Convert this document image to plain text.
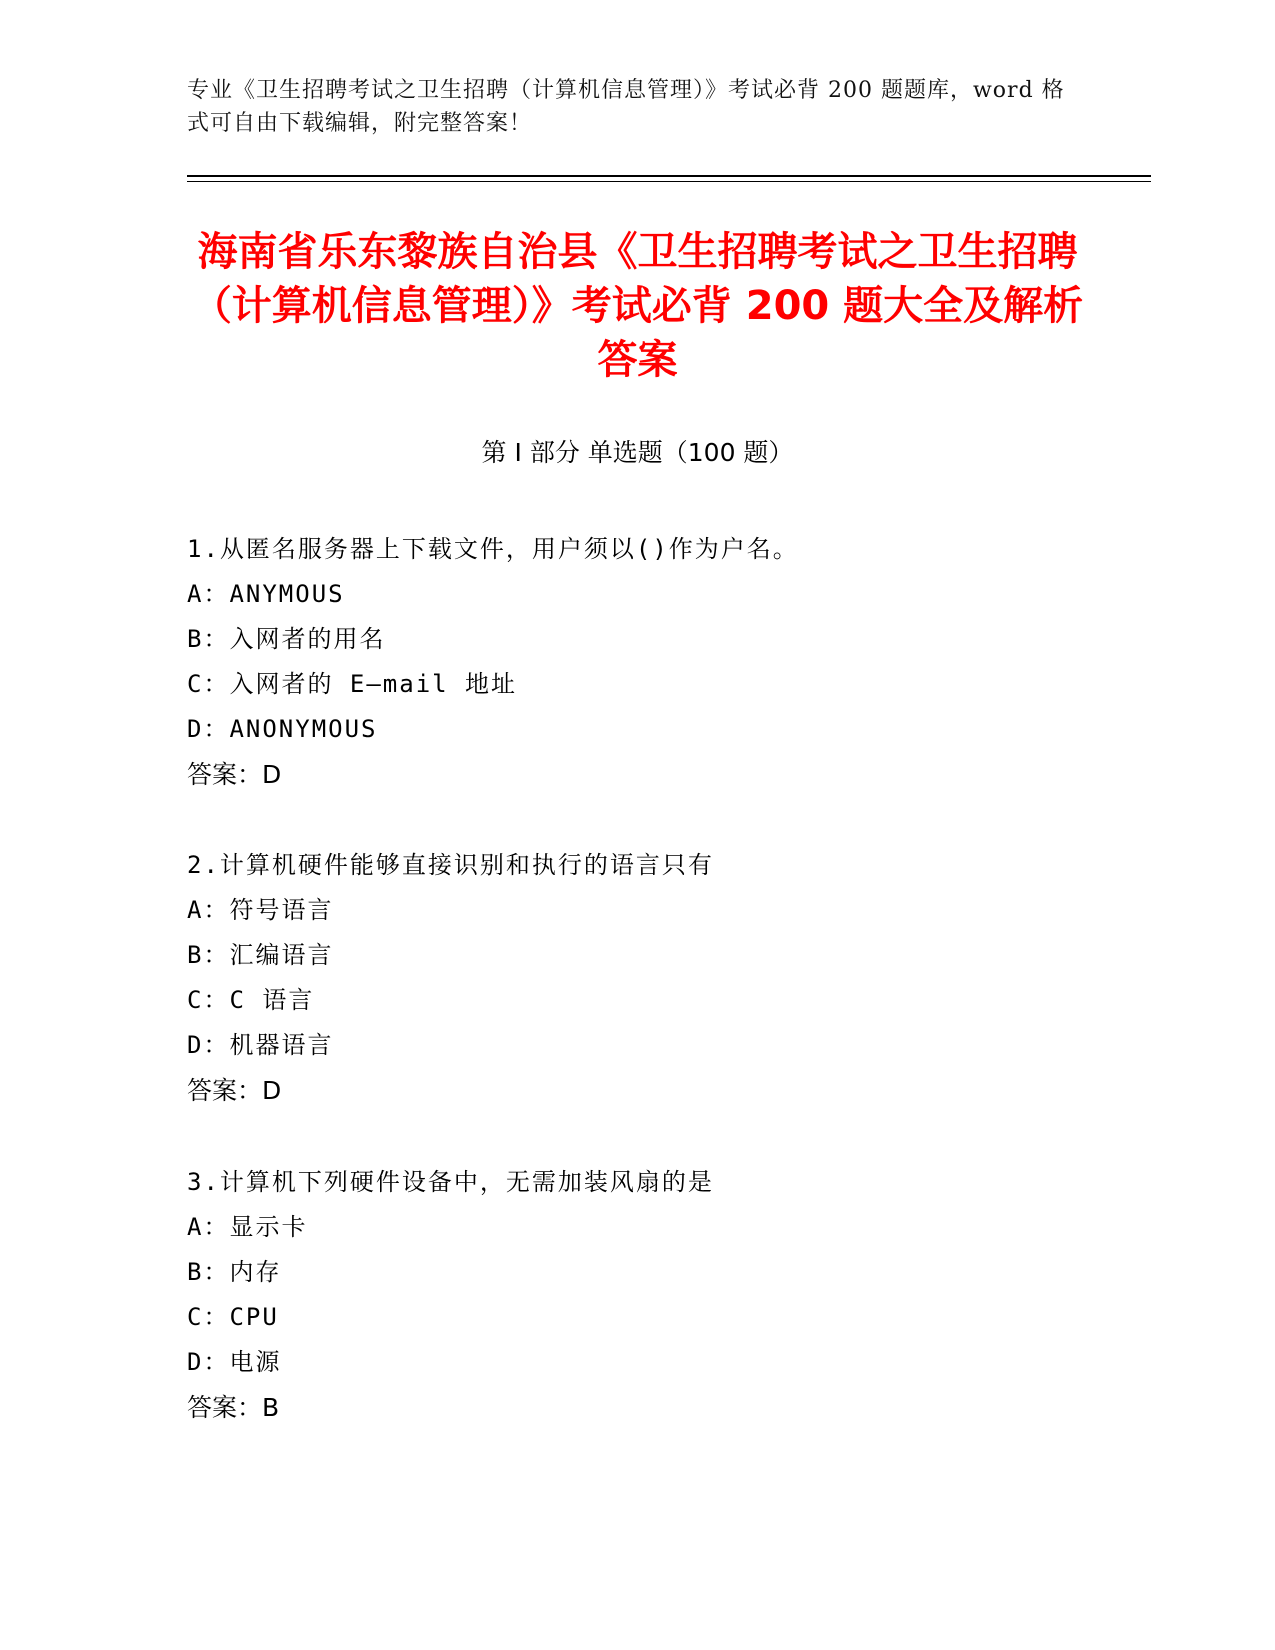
专业《卫生招聘考试之卫生招聘（计算机信息管理）》考试必背 200 题题库，word 格式可自由下载编辑，附完整答案！
海南省乐东黎族自治县《卫生招聘考试之卫生招聘（计算机信息管理）》考试必背 200 题大全及解析答案
第 I 部分 单选题（100 题）
1.从匿名服务器上下载文件，用户须以()作为户名。
A：ANYMOUS
B：入网者的用名
C：入网者的 E—mail 地址
D：ANONYMOUS
答案：D
2.计算机硬件能够直接识别和执行的语言只有
A：符号语言
B：汇编语言
C：C 语言
D：机器语言
答案：D
3.计算机下列硬件设备中，无需加装风扇的是
A：显示卡
B：内存
C：CPU
D：电源
答案：B
